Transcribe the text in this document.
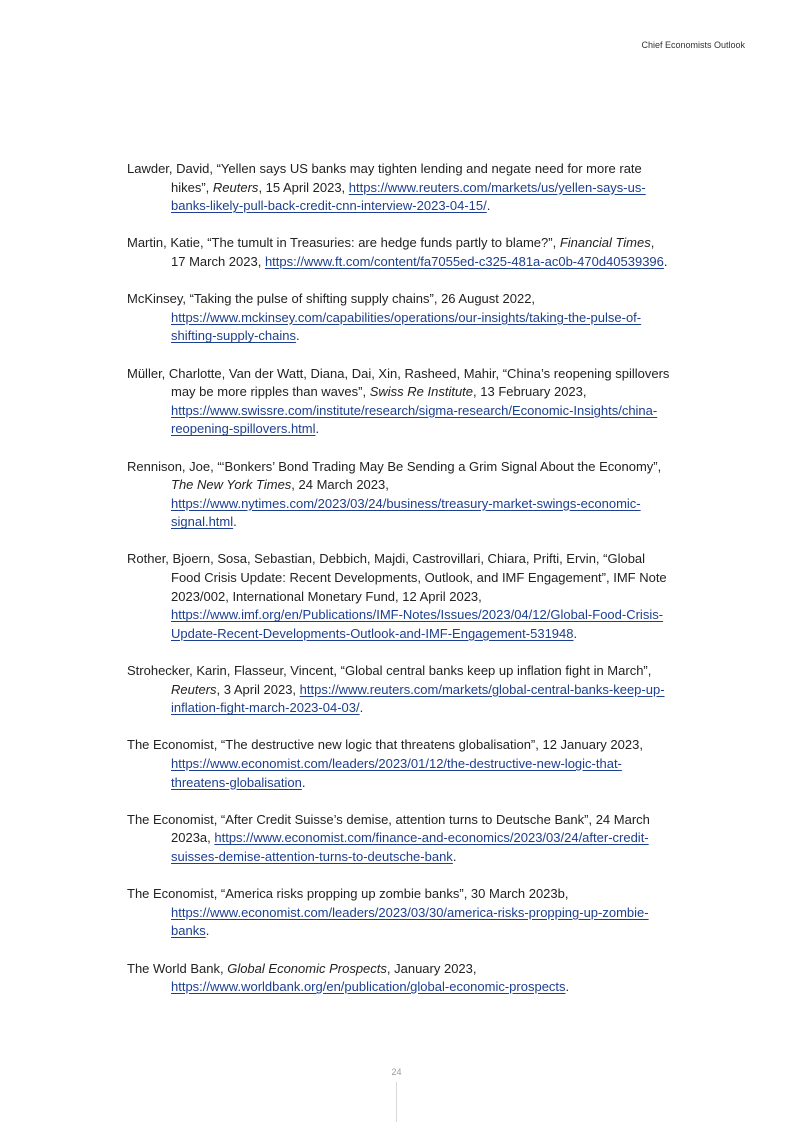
Chief Economists Outlook

Lawder, David, “Yellen says US banks may tighten lending and negate need for more rate hikes”, Reuters, 15 April 2023, https://www.reuters.com/markets/us/yellen-says-us-banks-likely-pull-back-credit-cnn-interview-2023-04-15/.

Martin, Katie, “The tumult in Treasuries: are hedge funds partly to blame?”, Financial Times, 17 March 2023, https://www.ft.com/content/fa7055ed-c325-481a-ac0b-470d40539396.

McKinsey, “Taking the pulse of shifting supply chains”, 26 August 2022, https://www.mckinsey.com/capabilities/operations/our-insights/taking-the-pulse-of-shifting-supply-chains.

Müller, Charlotte, Van der Watt, Diana, Dai, Xin, Rasheed, Mahir, “China’s reopening spillovers may be more ripples than waves”, Swiss Re Institute, 13 February 2023, https://www.swissre.com/institute/research/sigma-research/Economic-Insights/china-reopening-spillovers.html.

Rennison, Joe, “‘Bonkers’ Bond Trading May Be Sending a Grim Signal About the Economy”, The New York Times, 24 March 2023, https://www.nytimes.com/2023/03/24/business/treasury-market-swings-economic-signal.html.

Rother, Bjoern, Sosa, Sebastian, Debbich, Majdi, Castrovillari, Chiara, Prifti, Ervin, “Global Food Crisis Update: Recent Developments, Outlook, and IMF Engagement”, IMF Note 2023/002, International Monetary Fund, 12 April 2023, https://www.imf.org/en/Publications/IMF-Notes/Issues/2023/04/12/Global-Food-Crisis-Update-Recent-Developments-Outlook-and-IMF-Engagement-531948.

Strohecker, Karin, Flasseur, Vincent, “Global central banks keep up inflation fight in March”, Reuters, 3 April 2023, https://www.reuters.com/markets/global-central-banks-keep-up-inflation-fight-march-2023-04-03/.

The Economist, “The destructive new logic that threatens globalisation”, 12 January 2023, https://www.economist.com/leaders/2023/01/12/the-destructive-new-logic-that-threatens-globalisation.

The Economist, “After Credit Suisse’s demise, attention turns to Deutsche Bank”, 24 March 2023a, https://www.economist.com/finance-and-economics/2023/03/24/after-credit-suisses-demise-attention-turns-to-deutsche-bank.

The Economist, “America risks propping up zombie banks”, 30 March 2023b, https://www.economist.com/leaders/2023/03/30/america-risks-propping-up-zombie-banks.

The World Bank, Global Economic Prospects, January 2023, https://www.worldbank.org/en/publication/global-economic-prospects.

24
